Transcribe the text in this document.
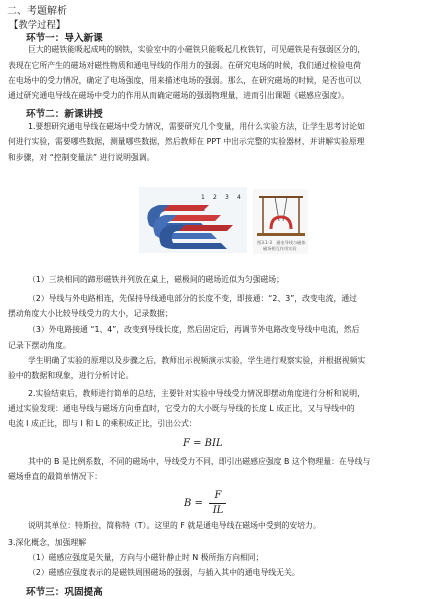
二、考题解析
【教学过程】
环节一：导入新课
巨大的磁铁能吸起成吨的钢铁，实验室中的小磁铁只能吸起几枚铁钉，可见磁铁是有强弱区分的，
表现在它所产生的磁场对磁性物质和通电导线的作用力的强弱。在研究电场的时候，我们通过检验电荷
在电场中的受力情况，确定了电场强度，用来描述电场的强弱。那么，在研究磁场的时候，是否也可以
通过研究通电导线在磁场中受力的作用从而确定磁场的强弱物理量，进而引出课题《磁感应强度》。
环节二：新课讲授
1.要想研究通电导线在磁场中受力情况，需要研究几个变量，用什么实验方法，让学生思考讨论如
何进行实验，需要哪些数据，测量哪些数据，然后教师在 PPT 中出示完整的实验器材，并讲解实验原理
和步骤，对 “控制变量法” 进行说明强调。
1 2 3 4
图3.1-3　通电导线与磁体
磁场相互作用实验
（1）三块相同的蹄形磁铁并列放在桌上，磁极间的磁场近似为匀强磁场；
（2）导线与外电路相连，先保持导线通电部分的长度不变，即接通：“2、3”，改变电流，通过
摆动角度大小比较导线受力的大小，记录数据；
（3）外电路接通 “1、4”，改变到导线长度，然后固定后，再调节外电路改变导线中电流，然后
记录下摆动角度。
学生明确了实验的原理以及步骤之后，教师出示视频演示实验，学生进行观察实验，并根据视频实
验中的数据和现象，进行分析讨论。
2.实验结束后，教师进行简单的总结，主要针对实验中导线受力情况即摆动角度进行分析和说明，
通过实验发现：通电导线与磁场方向垂直时，它受力的大小既与导线的长度 L 成正比，又与导线中的
电流 I 成正比，即与 I 和 L 的乘积成正比，引出公式：
F = BIL
其中的 B 是比例系数，不同的磁场中，导线受力不同，即引出磁感应强度 B 这个物理量：在导线与
磁场垂直的最简单情况下：
B =
F
IL
说明其单位：特斯拉，简称特（T）。这里的 F 就是通电导线在磁场中受到的安培力。
3.深化概念，加强理解
（1）磁感应强度是矢量，方向与小磁针静止时 N 极所指方向相同；
（2）磁感应强度表示的是磁铁周围磁场的强弱，与插入其中的通电导线无关。
环节三：巩固提高
